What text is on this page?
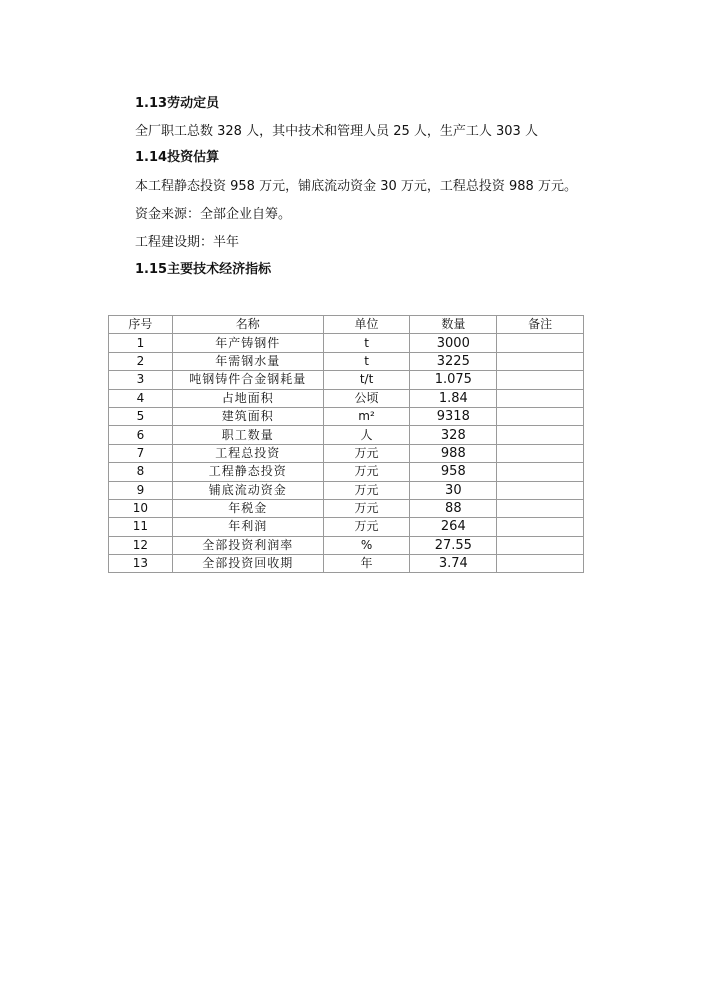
1.13劳动定员
全厂职工总数 328 人，其中技术和管理人员 25 人，生产工人 303 人
1.14投资估算
本工程静态投资 958 万元，铺底流动资金 30 万元，工程总投资 988 万元。
资金来源：全部企业自筹。
工程建设期：半年
1.15主要技术经济指标
序号	名称	单位	数量	备注
1	年产铸钢件	t	3000	
2	年需钢水量	t	3225	
3	吨钢铸件合金钢耗量	t/t	1.075	
4	占地面积	公顷	1.84	
5	建筑面积	m²	9318	
6	职工数量	人	328	
7	工程总投资	万元	988	
8	工程静态投资	万元	958	
9	铺底流动资金	万元	30	
10	年税金	万元	88	
11	年利润	万元	264	
12	全部投资利润率	%	27.55	
13	全部投资回收期	年	3.74	
